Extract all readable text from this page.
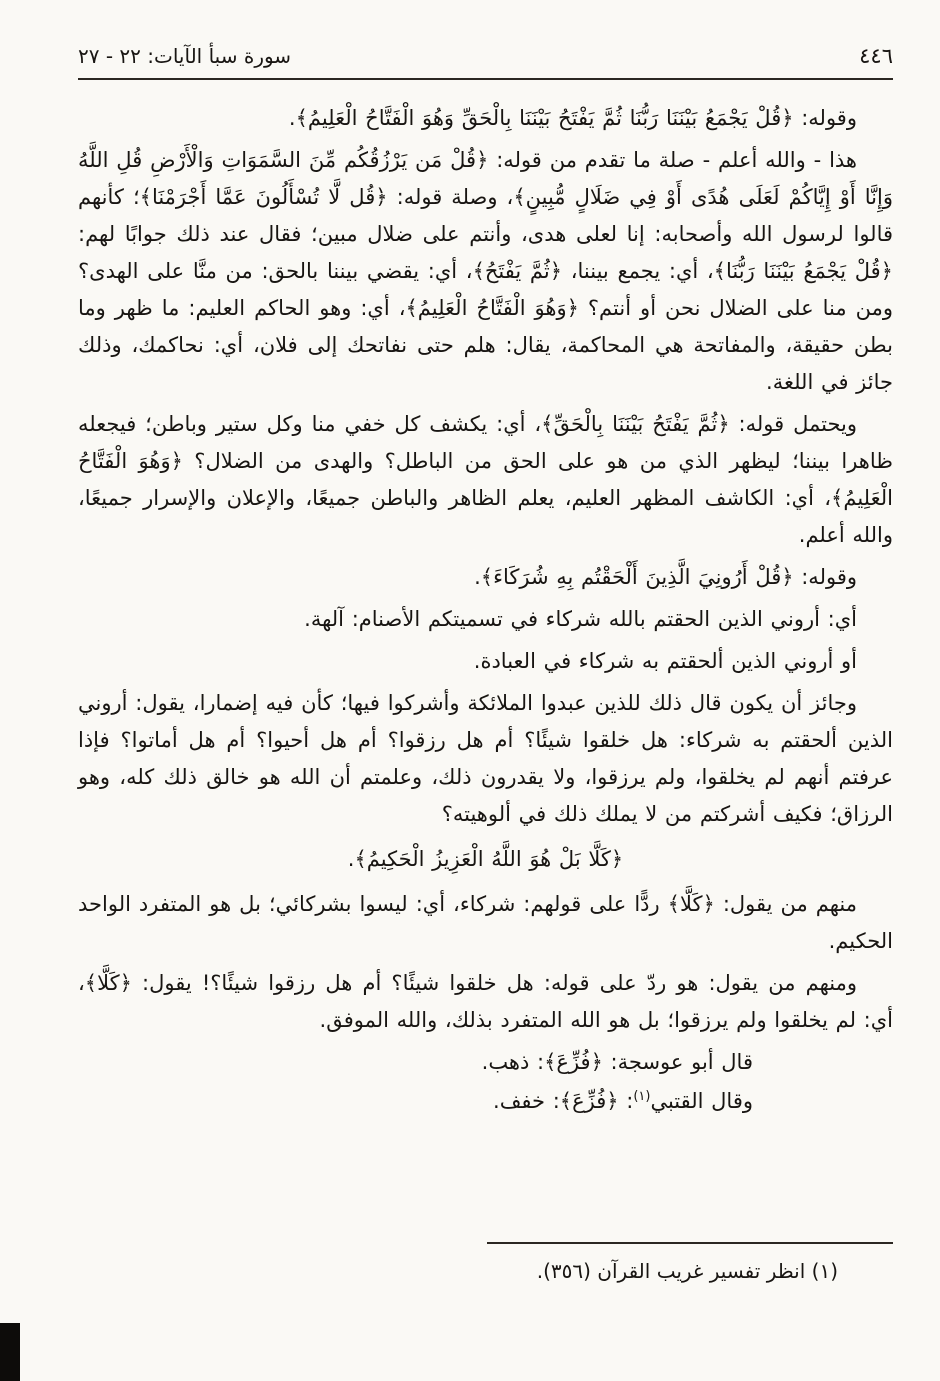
٤٤٦
سورة سبأ الآيات: ٢٢ - ٢٧

وقوله: ﴿قُلْ يَجْمَعُ بَيْنَنَا رَبُّنَا ثُمَّ يَفْتَحُ بَيْنَنَا بِالْحَقِّ وَهُوَ الْفَتَّاحُ الْعَلِيمُ﴾.

هذا - والله أعلم - صلة ما تقدم من قوله: ﴿قُلْ مَن يَرْزُقُكُم مِّنَ السَّمَوَاتِ وَالْأَرْضِ قُلِ اللَّهُ وَإِنَّا أَوْ إِيَّاكُمْ لَعَلَى هُدًى أَوْ فِي ضَلَالٍ مُّبِينٍ﴾، وصلة قوله: ﴿قُل لَّا تُسْأَلُونَ عَمَّا أَجْرَمْنَا﴾؛ كأنهم قالوا لرسول الله وأصحابه: إنا لعلى هدى، وأنتم على ضلال مبين؛ فقال عند ذلك جوابًا لهم: ﴿قُلْ يَجْمَعُ بَيْنَنَا رَبُّنَا﴾، أي: يجمع بيننا، ﴿ثُمَّ يَفْتَحُ﴾، أي: يقضي بيننا بالحق: من منَّا على الهدى؟ ومن منا على الضلال نحن أو أنتم؟ ﴿وَهُوَ الْفَتَّاحُ الْعَلِيمُ﴾، أي: وهو الحاكم العليم: ما ظهر وما بطن حقيقة، والمفاتحة هي المحاكمة، يقال: هلم حتى نفاتحك إلى فلان، أي: نحاكمك، وذلك جائز في اللغة.

ويحتمل قوله: ﴿ثُمَّ يَفْتَحُ بَيْنَنَا بِالْحَقِّ﴾، أي: يكشف كل خفي منا وكل ستير وباطن؛ فيجعله ظاهرا بيننا؛ ليظهر الذي من هو على الحق من الباطل؟ والهدى من الضلال؟ ﴿وَهُوَ الْفَتَّاحُ الْعَلِيمُ﴾، أي: الكاشف المظهر العليم، يعلم الظاهر والباطن جميعًا، والإعلان والإسرار جميعًا، والله أعلم.

وقوله: ﴿قُلْ أَرُونِيَ الَّذِينَ أَلْحَقْتُم بِهِ شُرَكَاءَ﴾.

أي: أروني الذين الحقتم بالله شركاء في تسميتكم الأصنام: آلهة.

أو أروني الذين ألحقتم به شركاء في العبادة.

وجائز أن يكون قال ذلك للذين عبدوا الملائكة وأشركوا فيها؛ كأن فيه إضمارا، يقول: أروني الذين ألحقتم به شركاء: هل خلقوا شيئًا؟ أم هل رزقوا؟ أم هل أحيوا؟ أم هل أماتوا؟ فإذا عرفتم أنهم لم يخلقوا، ولم يرزقوا، ولا يقدرون ذلك، وعلمتم أن الله هو خالق ذلك كله، وهو الرزاق؛ فكيف أشركتم من لا يملك ذلك في ألوهيته؟

﴿كَلَّا بَلْ هُوَ اللَّهُ الْعَزِيزُ الْحَكِيمُ﴾.

منهم من يقول: ﴿كَلَّا﴾ ردًّا على قولهم: شركاء، أي: ليسوا بشركائي؛ بل هو المتفرد الواحد الحكيم.

ومنهم من يقول: هو ردّ على قوله: هل خلقوا شيئًا؟ أم هل رزقوا شيئًا؟! يقول: ﴿كَلَّا﴾، أي: لم يخلقوا ولم يرزقوا؛ بل هو الله المتفرد بذلك، والله الموفق.

قال أبو عوسجة: ﴿فُزِّعَ﴾: ذهب.

وقال القتبي$^{(١)}$: ﴿فُزِّعَ﴾: خفف.

(١) انظر تفسير غريب القرآن (٣٥٦).
